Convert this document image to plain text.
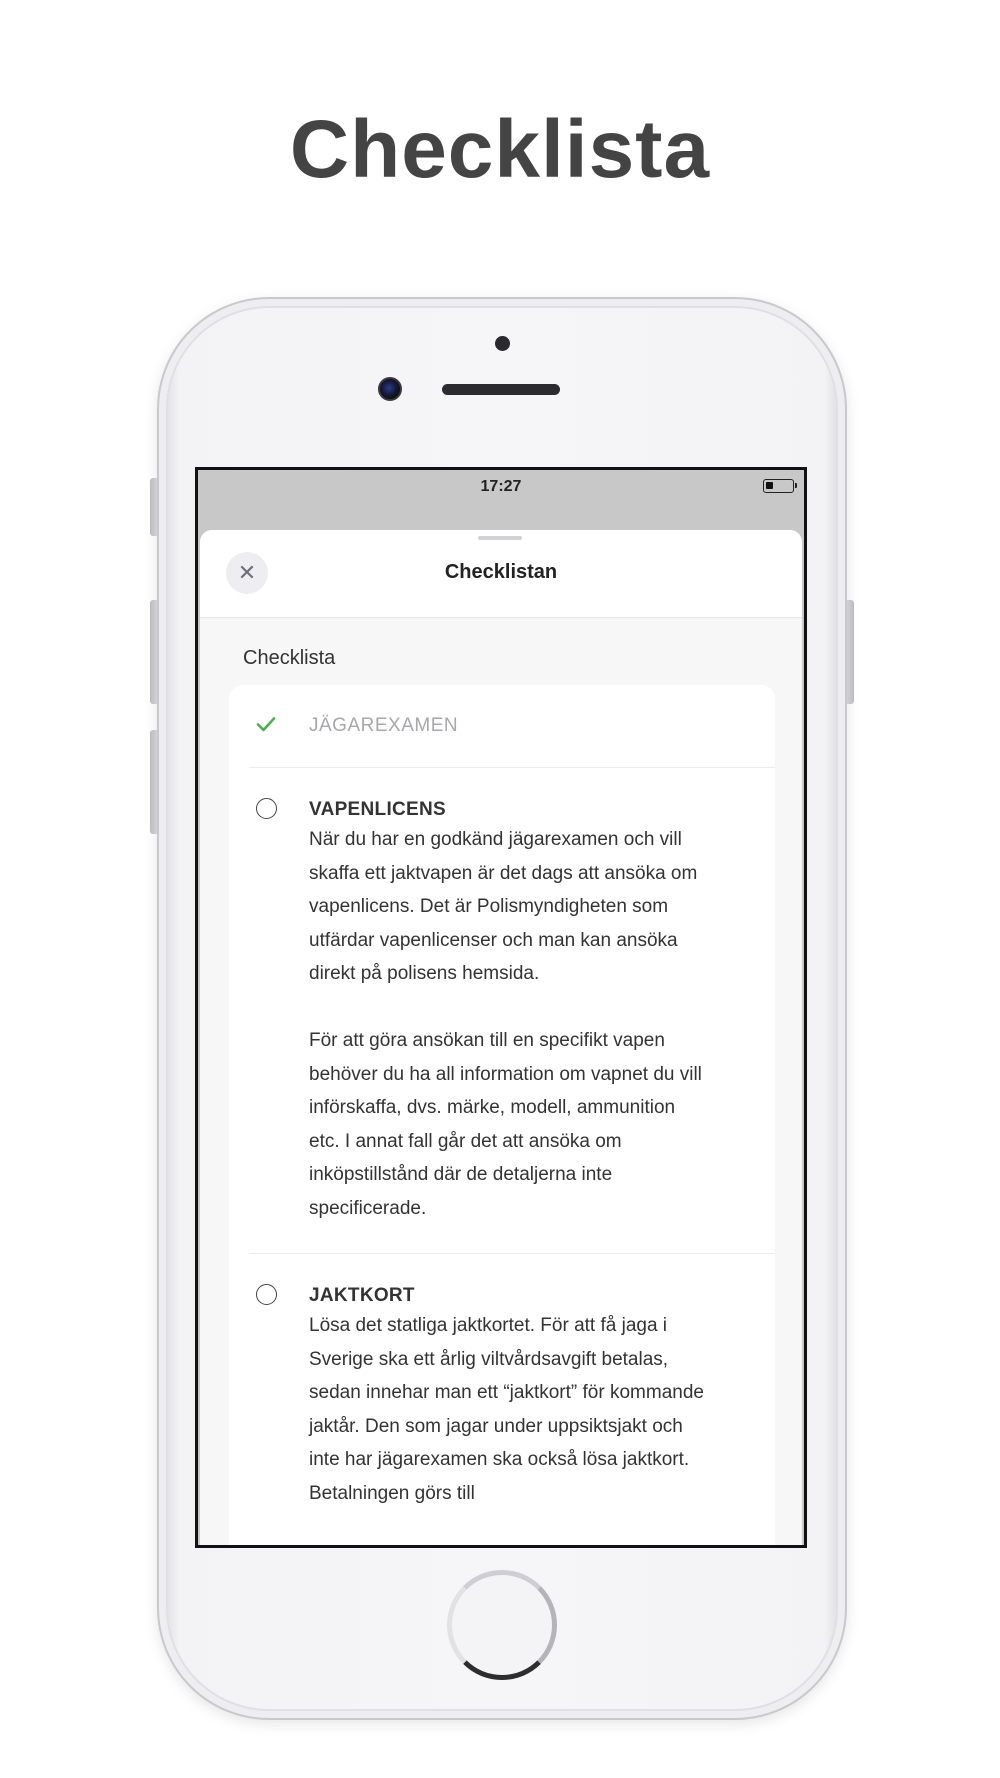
Checklista
17:27
✕	Checklistan
Checklista
JÄGAREXAMEN
VAPENLICENS
När du har en godkänd jägarexamen och vill skaffa ett jaktvapen är det dags att ansöka om vapenlicens. Det är Polismyndigheten som utfärdar vapenlicenser och man kan ansöka direkt på polisens hemsida.

För att göra ansökan till en specifikt vapen behöver du ha all information om vapnet du vill införskaffa, dvs. märke, modell, ammunition etc. I annat fall går det att ansöka om inköpstillstånd där de detaljerna inte specificerade.
JAKTKORT
Lösa det statliga jaktkortet. För att få jaga i Sverige ska ett årlig viltvårdsavgift betalas, sedan innehar man ett “jaktkort” för kommande jaktår. Den som jagar under uppsiktsjakt och inte har jägarexamen ska också lösa jaktkort. Betalningen görs till
